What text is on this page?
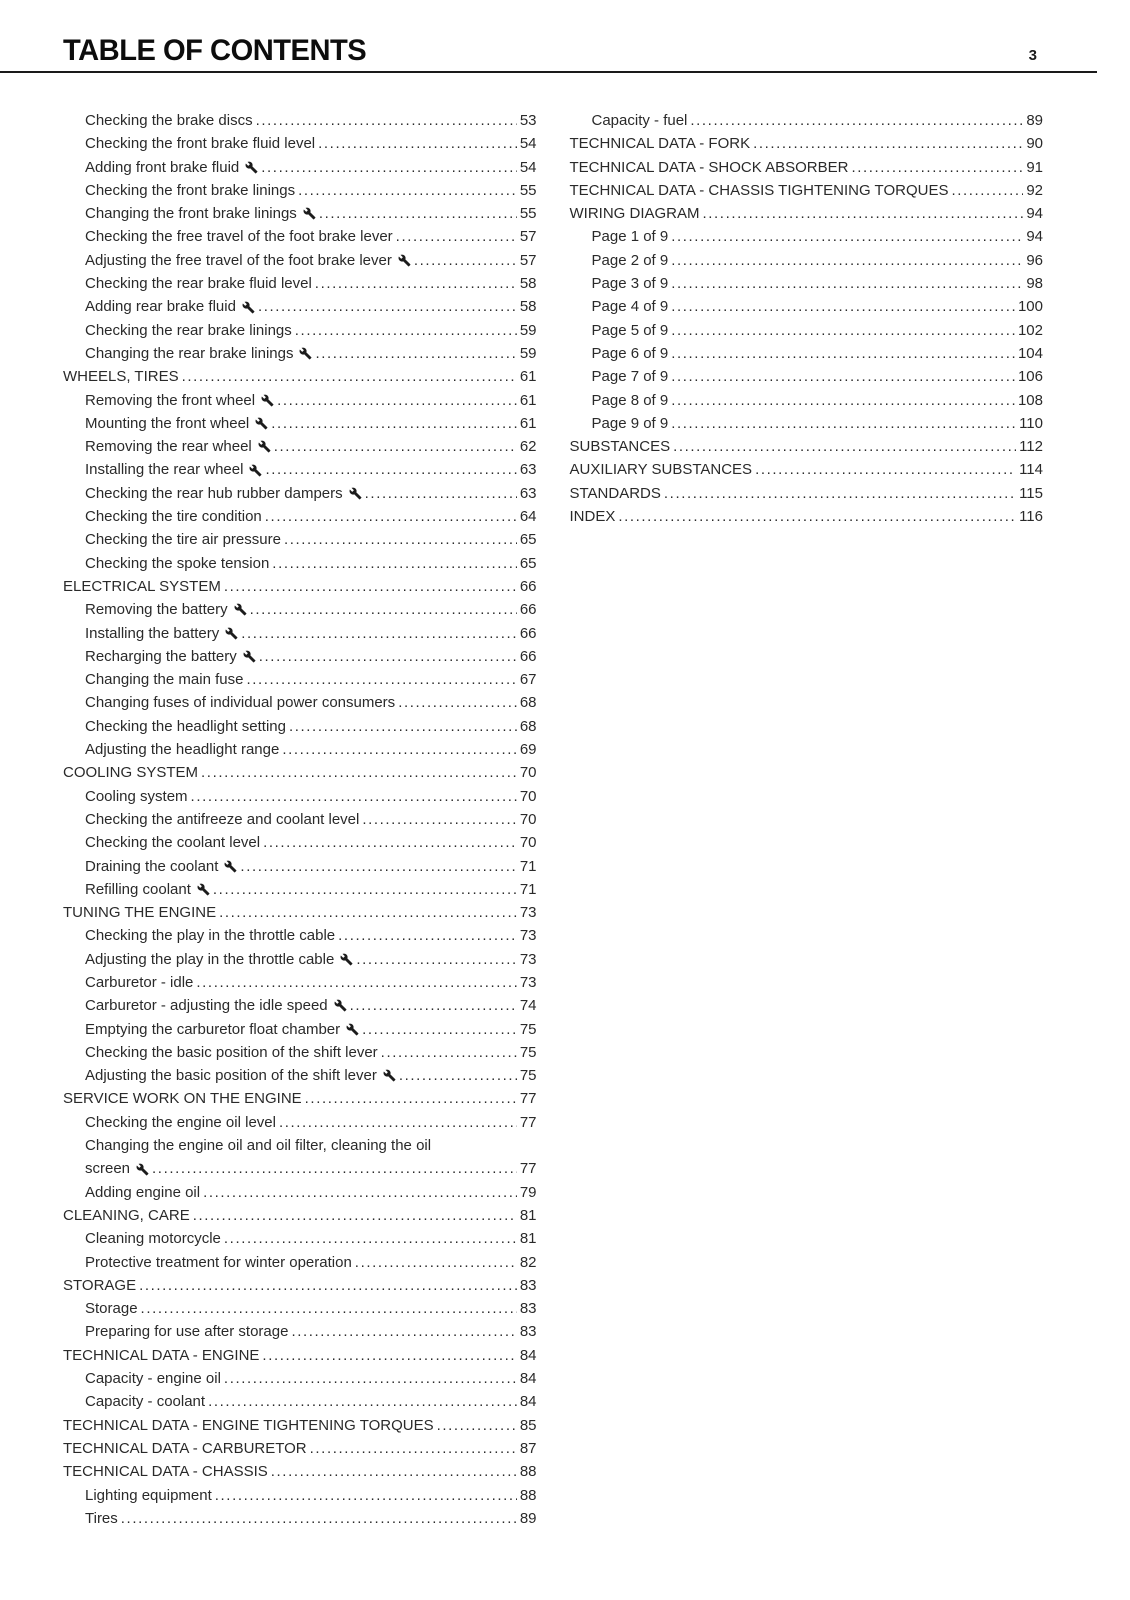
TABLE OF CONTENTS	3
Checking the brake discs .....	53
Checking the front brake fluid level .....	54
Adding front brake fluid .....	54
Checking the front brake linings .....	55
Changing the front brake linings .....	55
Checking the free travel of the foot brake lever .....	57
Adjusting the free travel of the foot brake lever .....	57
Checking the rear brake fluid level .....	58
Adding rear brake fluid .....	58
Checking the rear brake linings .....	59
Changing the rear brake linings .....	59
WHEELS, TIRES .....	61
Removing the front wheel .....	61
Mounting the front wheel .....	61
Removing the rear wheel .....	62
Installing the rear wheel .....	63
Checking the rear hub rubber dampers .....	63
Checking the tire condition .....	64
Checking the tire air pressure .....	65
Checking the spoke tension .....	65
ELECTRICAL SYSTEM .....	66
Removing the battery .....	66
Installing the battery .....	66
Recharging the battery .....	66
Changing the main fuse .....	67
Changing fuses of individual power consumers .....	68
Checking the headlight setting .....	68
Adjusting the headlight range .....	69
COOLING SYSTEM .....	70
Cooling system .....	70
Checking the antifreeze and coolant level .....	70
Checking the coolant level .....	70
Draining the coolant .....	71
Refilling coolant .....	71
TUNING THE ENGINE .....	73
Checking the play in the throttle cable .....	73
Adjusting the play in the throttle cable .....	73
Carburetor - idle .....	73
Carburetor - adjusting the idle speed .....	74
Emptying the carburetor float chamber .....	75
Checking the basic position of the shift lever .....	75
Adjusting the basic position of the shift lever .....	75
SERVICE WORK ON THE ENGINE .....	77
Checking the engine oil level .....	77
Changing the engine oil and oil filter, cleaning the oil
screen .....	77
Adding engine oil .....	79
CLEANING, CARE .....	81
Cleaning motorcycle .....	81
Protective treatment for winter operation .....	82
STORAGE .....	83
Storage .....	83
Preparing for use after storage .....	83
TECHNICAL DATA - ENGINE .....	84
Capacity - engine oil .....	84
Capacity - coolant .....	84
TECHNICAL DATA - ENGINE TIGHTENING TORQUES .....	85
TECHNICAL DATA - CARBURETOR .....	87
TECHNICAL DATA - CHASSIS .....	88
Lighting equipment .....	88
Tires .....	89
Capacity - fuel .....	89
TECHNICAL DATA - FORK .....	90
TECHNICAL DATA - SHOCK ABSORBER .....	91
TECHNICAL DATA - CHASSIS TIGHTENING TORQUES .....	92
WIRING DIAGRAM .....	94
Page 1 of 9 .....	94
Page 2 of 9 .....	96
Page 3 of 9 .....	98
Page 4 of 9 .....	100
Page 5 of 9 .....	102
Page 6 of 9 .....	104
Page 7 of 9 .....	106
Page 8 of 9 .....	108
Page 9 of 9 .....	110
SUBSTANCES .....	112
AUXILIARY SUBSTANCES .....	114
STANDARDS .....	115
INDEX .....	116
